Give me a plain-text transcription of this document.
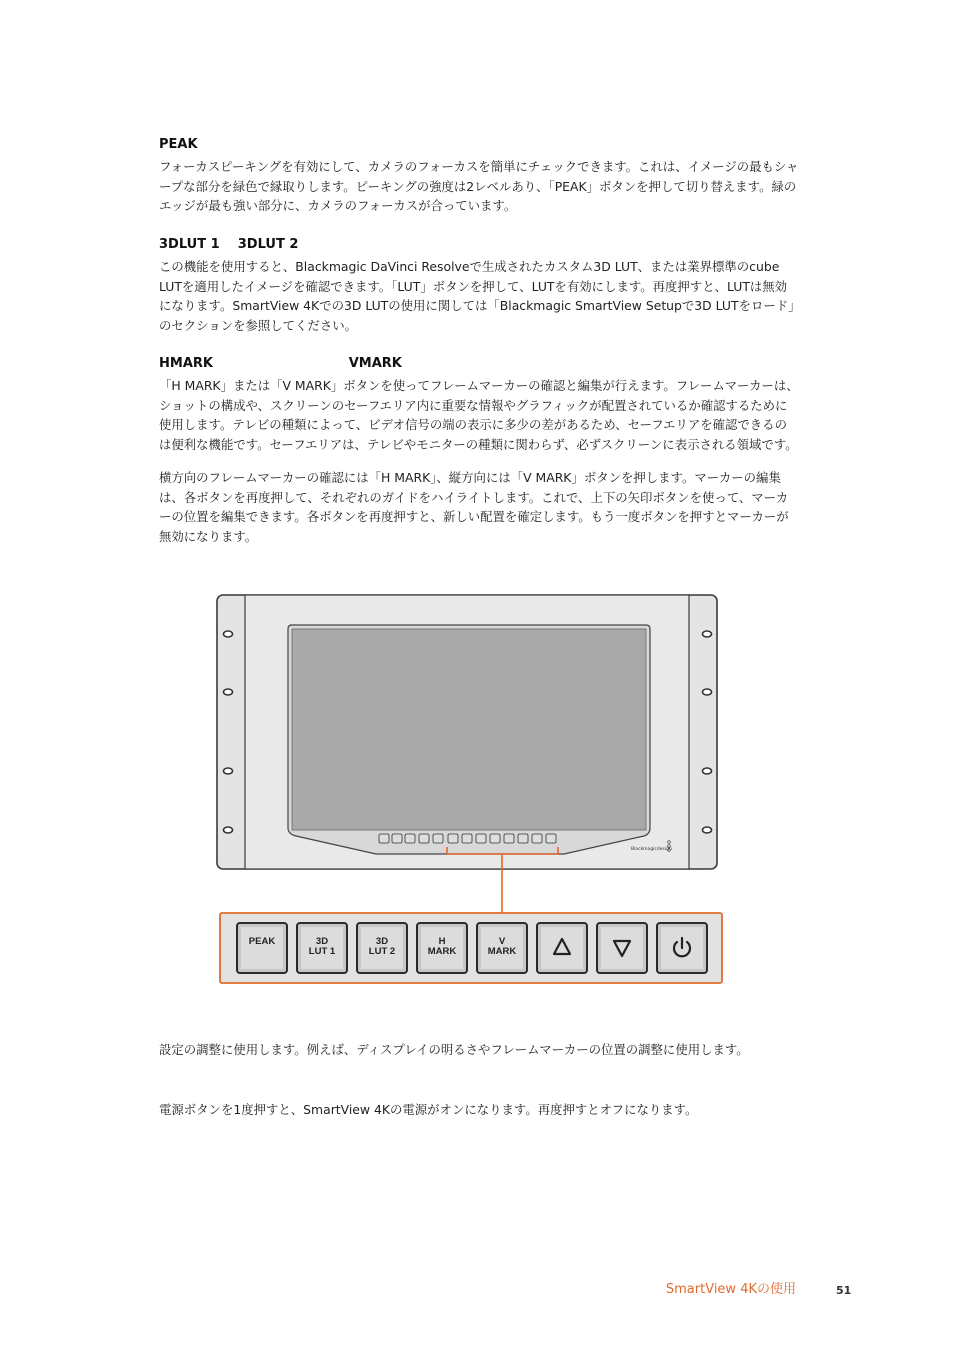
PEAK

フォーカスピーキングを有効にして、カメラのフォーカスを簡単にチェックできます。これは、イメージの最もシャープな部分を緑色で縁取りします。ピーキングの強度は2レベルあり、「PEAK」ボタンを押して切り替えます。緑のエッジが最も強い部分に、カメラのフォーカスが合っています。

3DLUT 1    3DLUT 2

この機能を使用すると、Blackmagic DaVinci Resolveで生成されたカスタム3D LUT、または業界標準のcube LUTを適用したイメージを確認できます。「LUT」ボタンを押して、LUTを有効にします。再度押すと、LUTは無効になります。SmartView 4Kでの3D LUTの使用に関しては「Blackmagic SmartView Setupで3D LUTをロード」のセクションを参照してください。

HMARK                              VMARK

「H MARK」または「V MARK」ボタンを使ってフレームマーカーの確認と編集が行えます。フレームマーカーは、ショットの構成や、スクリーンのセーフエリア内に重要な情報やグラフィックが配置されているか確認するために使用します。テレビの種類によって、ビデオ信号の端の表示に多少の差があるため、セーフエリアを確認できるのは便利な機能です。セーフエリアは、テレビやモニターの種類に関わらず、必ずスクリーンに表示される領域です。

横方向のフレームマーカーの確認には「H MARK」、縦方向には「V MARK」ボタンを押します。マーカーの編集は、各ボタンを再度押して、それぞれのガイドをハイライトします。これで、上下の矢印ボタンを使って、マーカーの位置を編集できます。各ボタンを再度押すと、新しい配置を確定します。もう一度ボタンを押すとマーカーが無効になります。

Blackmagicdesign
PEAK	3D
LUT 1
3D
LUT 2
H
MARK
V
MARK

設定の調整に使用します。例えば、ディスプレイの明るさやフレームマーカーの位置の調整に使用します。

電源ボタンを1度押すと、SmartView 4Kの電源がオンになります。再度押すとオフになります。

SmartView 4Kの使用	51
